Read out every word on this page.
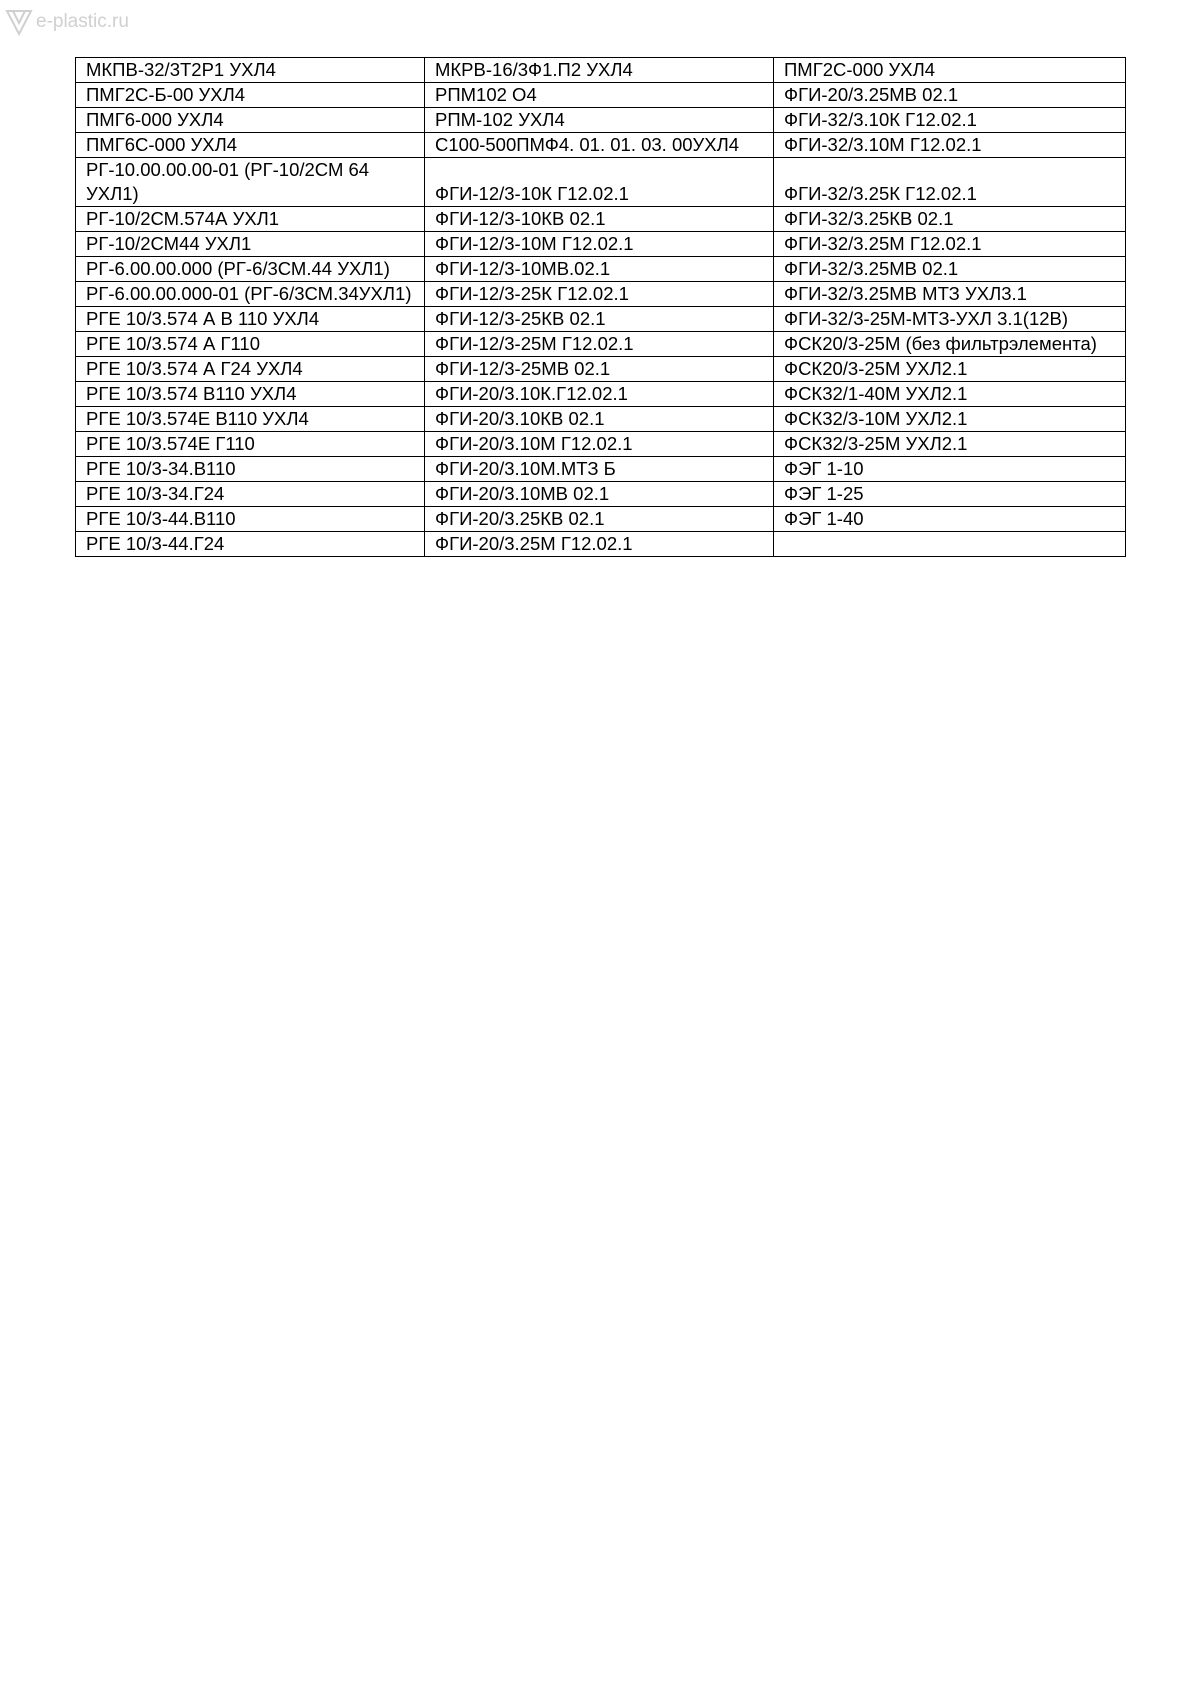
e-plastic.ru
МКПВ-32/3Т2Р1 УХЛ4	МКРВ-16/3Ф1.П2 УХЛ4	ПМГ2С-000 УХЛ4
ПМГ2С-Б-00 УХЛ4	РПМ102 О4	ФГИ-20/3.25МВ 02.1
ПМГ6-000 УХЛ4	РПМ-102 УХЛ4	ФГИ-32/3.10К Г12.02.1
ПМГ6С-000 УХЛ4	С100-500ПМФ4. 01. 01. 03. 00УХЛ4	ФГИ-32/3.10М Г12.02.1
РГ-10.00.00.00-01 (РГ-10/2СМ 64 УХЛ1)	ФГИ-12/3-10К Г12.02.1	ФГИ-32/3.25К Г12.02.1
РГ-10/2СМ.574А УХЛ1	ФГИ-12/3-10КВ 02.1	ФГИ-32/3.25КВ 02.1
РГ-10/2СМ44 УХЛ1	ФГИ-12/3-10М Г12.02.1	ФГИ-32/3.25М Г12.02.1
РГ-6.00.00.000 (РГ-6/3СМ.44 УХЛ1)	ФГИ-12/3-10МВ.02.1	ФГИ-32/3.25МВ 02.1
РГ-6.00.00.000-01 (РГ-6/3СМ.34УХЛ1)	ФГИ-12/3-25К Г12.02.1	ФГИ-32/3.25МВ МТЗ УХЛ3.1
РГЕ 10/3.574 А В 110 УХЛ4	ФГИ-12/3-25КВ 02.1	ФГИ-32/3-25М-МТЗ-УХЛ 3.1(12В)
РГЕ 10/3.574 А Г110	ФГИ-12/3-25М Г12.02.1	ФСК20/3-25М (без фильтрэлемента)
РГЕ 10/3.574 А Г24 УХЛ4	ФГИ-12/3-25МВ 02.1	ФСК20/3-25М УХЛ2.1
РГЕ 10/3.574 В110 УХЛ4	ФГИ-20/3.10К.Г12.02.1	ФСК32/1-40М УХЛ2.1
РГЕ 10/3.574Е В110 УХЛ4	ФГИ-20/3.10КВ 02.1	ФСК32/3-10М УХЛ2.1
РГЕ 10/3.574Е Г110	ФГИ-20/3.10М Г12.02.1	ФСК32/3-25М УХЛ2.1
РГЕ 10/3-34.В110	ФГИ-20/3.10М.МТЗ Б	ФЭГ 1-10
РГЕ 10/3-34.Г24	ФГИ-20/3.10МВ 02.1	ФЭГ 1-25
РГЕ 10/3-44.В110	ФГИ-20/3.25КВ 02.1	ФЭГ 1-40
РГЕ 10/3-44.Г24	ФГИ-20/3.25М Г12.02.1	
